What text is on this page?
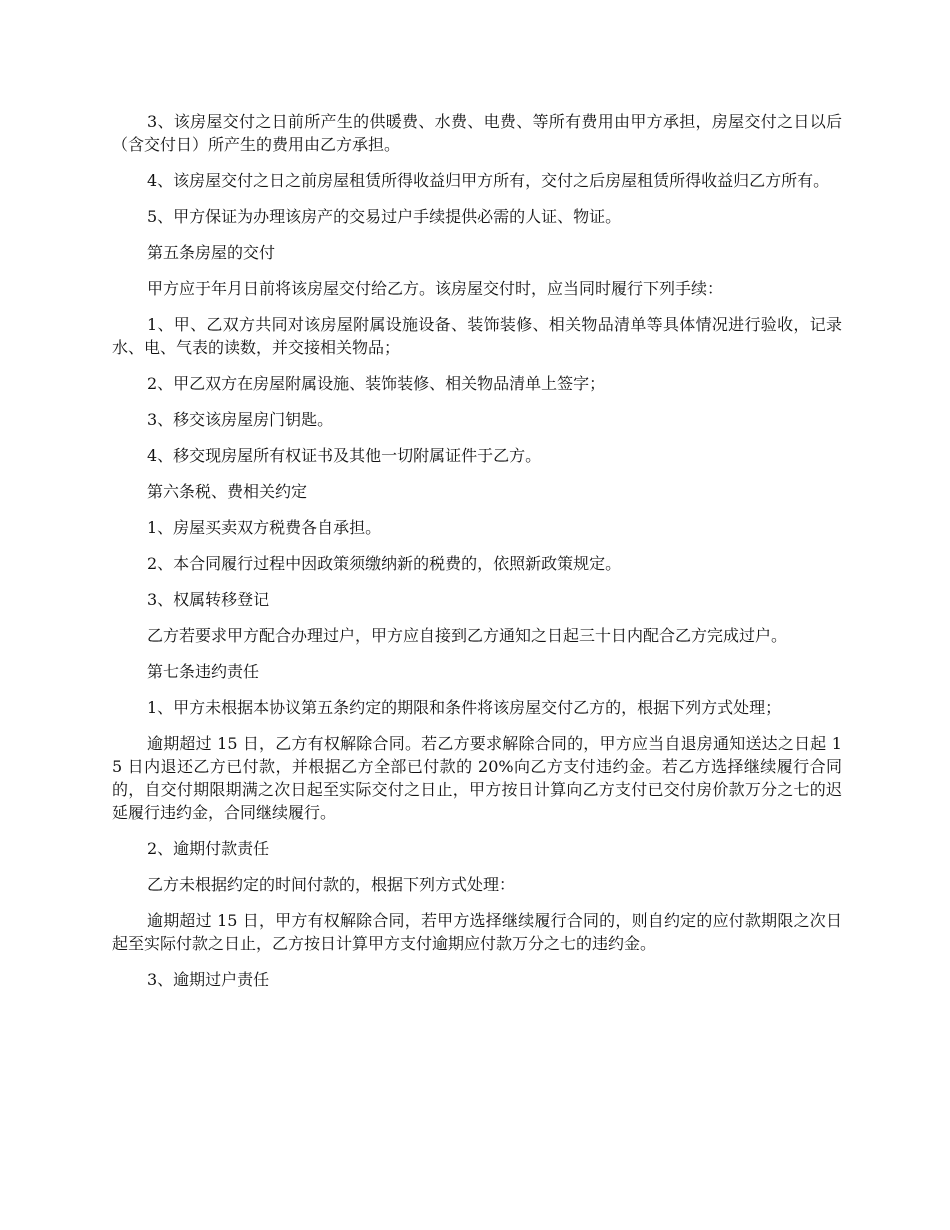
3、该房屋交付之日前所产生的供暖费、水费、电费、等所有费用由甲方承担，房屋交付之日以后（含交付日）所产生的费用由乙方承担。

4、该房屋交付之日之前房屋租赁所得收益归甲方所有，交付之后房屋租赁所得收益归乙方所有。

5、甲方保证为办理该房产的交易过户手续提供必需的人证、物证。

第五条房屋的交付

甲方应于年月日前将该房屋交付给乙方。该房屋交付时，应当同时履行下列手续：

1、甲、乙双方共同对该房屋附属设施设备、装饰装修、相关物品清单等具体情况进行验收，记录水、电、气表的读数，并交接相关物品；

2、甲乙双方在房屋附属设施、装饰装修、相关物品清单上签字；

3、移交该房屋房门钥匙。

4、移交现房屋所有权证书及其他一切附属证件于乙方。

第六条税、费相关约定

1、房屋买卖双方税费各自承担。

2、本合同履行过程中因政策须缴纳新的税费的，依照新政策规定。

3、权属转移登记

乙方若要求甲方配合办理过户，甲方应自接到乙方通知之日起三十日内配合乙方完成过户。

第七条违约责任

1、甲方未根据本协议第五条约定的期限和条件将该房屋交付乙方的，根据下列方式处理；

逾期超过 15 日，乙方有权解除合同。若乙方要求解除合同的，甲方应当自退房通知送达之日起 15 日内退还乙方已付款，并根据乙方全部已付款的 20%向乙方支付违约金。若乙方选择继续履行合同的，自交付期限期满之次日起至实际交付之日止，甲方按日计算向乙方支付已交付房价款万分之七的迟延履行违约金，合同继续履行。

2、逾期付款责任

乙方未根据约定的时间付款的，根据下列方式处理：

逾期超过 15 日，甲方有权解除合同，若甲方选择继续履行合同的，则自约定的应付款期限之次日起至实际付款之日止，乙方按日计算甲方支付逾期应付款万分之七的违约金。

3、逾期过户责任
